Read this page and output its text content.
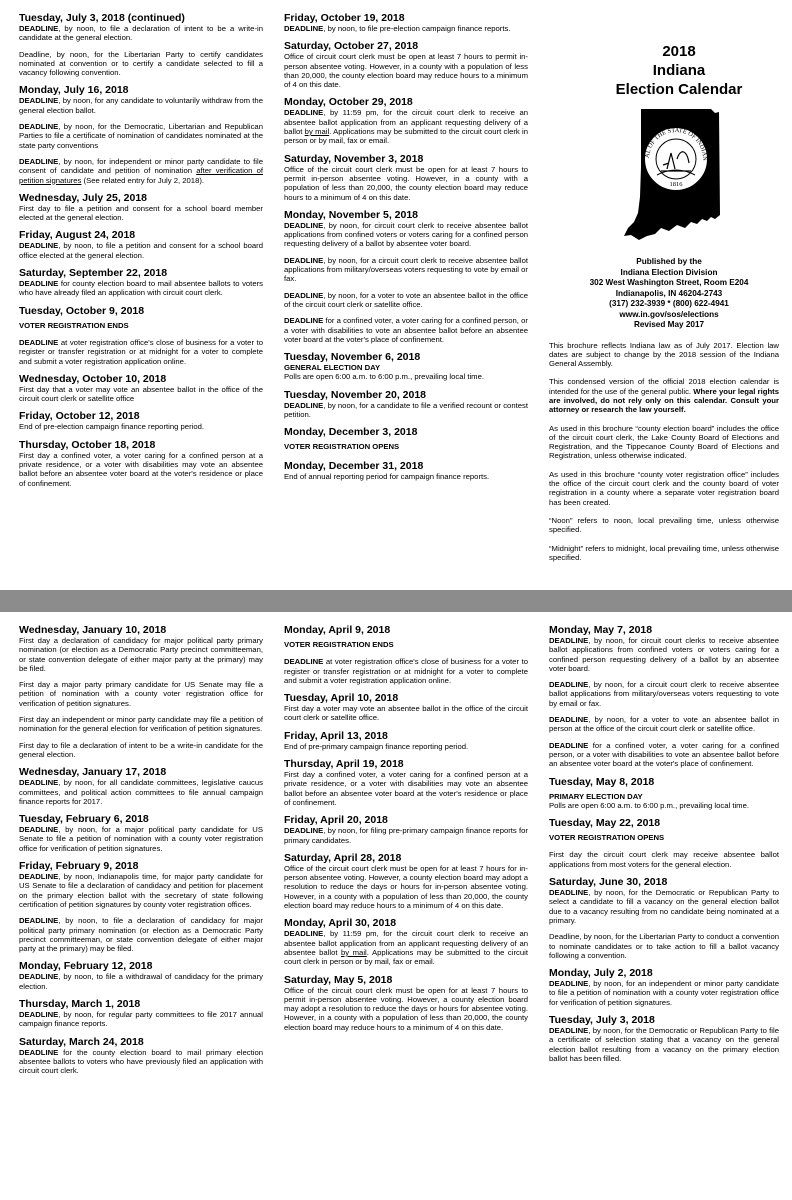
Tuesday, July 3, 2018 (continued)
DEADLINE, by noon, to file a declaration of intent to be a write-in candidate at the general election.
Deadline, by noon, for the Libertarian Party to certify candidates nominated at convention or to certify a candidate selected to fill a vacancy following convention.
Monday, July 16, 2018
DEADLINE, by noon, for any candidate to voluntarily withdraw from the general election ballot.
DEADLINE, by noon, for the Democratic, Libertarian and Republican Parties to file a certificate of nomination of candidates nominated at the state party conventions
DEADLINE, by noon, for independent or minor party candidate to file consent of candidate and petition of nomination after verification of petition signatures (See related entry for July 2, 2018).
Wednesday, July 25, 2018
First day to file a petition and consent for a school board member elected at the general election.
Friday, August 24, 2018
DEADLINE, by noon, to file a petition and consent for a school board office elected at the general election.
Saturday, September 22, 2018
DEADLINE for county election board to mail absentee ballots to voters who have already filed an application with circuit court clerk.
Tuesday, October 9, 2018
VOTER REGISTRATION ENDS
DEADLINE at voter registration office's close of business for a voter to register or transfer registration or at midnight for a voter to complete and submit a voter registration application online.
Wednesday, October 10, 2018
First day that a voter may vote an absentee ballot in the office of the circuit court clerk or satellite office
Friday, October 12, 2018
End of pre-election campaign finance reporting period.
Thursday, October 18, 2018
First day a confined voter, a voter caring for a confined person at a private residence, or a voter with disabilities may vote an absentee ballot before an absentee voter board at the voter's residence or place of confinement.
Friday, October 19, 2018
DEADLINE, by noon, to file pre-election campaign finance reports.
Saturday, October 27, 2018
Office of circuit court clerk must be open at least 7 hours to permit in-person absentee voting. However, in a county with a population of less than 20,000, the county election board may reduce hours to a minimum of 4 on this date.
Monday, October 29, 2018
DEADLINE, by 11:59 pm, for the circuit court clerk to receive an absentee ballot application from an applicant requesting delivery of a ballot by mail. Applications may be submitted to the circuit court clerk in person or by mail, fax or email.
Saturday, November 3, 2018
Office of the circuit court clerk must be open for at least 7 hours to permit in-person absentee voting. However, in a county with a population of less than 20,000, the county election board may reduce hours to a minimum of 4 on this date.
Monday, November 5, 2018
DEADLINE, by noon, for circuit court clerk to receive absentee ballot applications from confined voters or voters caring for a confined person requesting delivery of a ballot by absentee voter board.
DEADLINE, by noon, for a circuit court clerk to receive absentee ballot applications from military/overseas voters requesting to vote by email or fax.
DEADLINE, by noon, for a voter to vote an absentee ballot in the office of the circuit court clerk or satellite office.
DEADLINE for a confined voter, a voter caring for a confined person, or a voter with disabilities to vote an absentee ballot before an absentee voter board at the voter's place of confinement.
Tuesday, November 6, 2018
GENERAL ELECTION DAY
Polls are open 6:00 a.m. to 6:00 p.m., prevailing local time.
Tuesday, November 20, 2018
DEADLINE, by noon, for a candidate to file a verified recount or contest petition.
Monday, December 3, 2018
VOTER REGISTRATION OPENS
Monday, December 31, 2018
End of annual reporting period for campaign finance reports.
2018
Indiana
Election Calendar
AL OF THE STATE OF INDIAN
1816
Published by the
Indiana Election Division
302 West Washington Street, Room E204
Indianapolis, IN 46204-2743
(317) 232-3939 * (800) 622-4941
www.in.gov/sos/elections
Revised May 2017
This brochure reflects Indiana law as of July 2017. Election law dates are subject to change by the 2018 session of the Indiana General Assembly.
This condensed version of the official 2018 election calendar is intended for the use of the general public. Where your legal rights are involved, do not rely only on this calendar. Consult your attorney or research the law yourself.
As used in this brochure “county election board” includes the office of the circuit court clerk, the Lake County Board of Elections and Registration, and the Tippecanoe County Board of Elections and Registration, unless otherwise indicated.
As used in this brochure “county voter registration office” includes the office of the circuit court clerk and the county board of voter registration in a county where a separate voter registration board has been created.
“Noon” refers to noon, local prevailing time, unless otherwise specified.
“Midnight” refers to midnight, local prevailing time, unless otherwise specified.
Wednesday, January 10, 2018
First day a declaration of candidacy for major political party primary nomination (or election as a Democratic Party precinct committeeman, or state convention delegate of either major party at the primary) may be filed.
First day a major party primary candidate for US Senate may file a petition of nomination with a county voter registration office for verification of petition signatures.
First day an independent or minor party candidate may file a petition of nomination for the general election for verification of petition signatures.
First day to file a declaration of intent to be a write-in candidate for the general election.
Wednesday, January 17, 2018
DEADLINE, by noon, for all candidate committees, legislative caucus committees, and political action committees to file annual campaign finance reports for 2017.
Tuesday, February 6, 2018
DEADLINE, by noon, for a major political party candidate for US Senate to file a petition of nomination with a county voter registration office for verification of petition signatures.
Friday, February 9, 2018
DEADLINE, by noon, Indianapolis time, for major party candidate for US Senate to file a declaration of candidacy and petition for placement on the primary election ballot with the secretary of state following certification of petition signatures by county voter registration offices.
DEADLINE, by noon, to file a declaration of candidacy for major political party primary nomination (or election as a Democratic Party precinct committeeman, or state convention delegate of either major party at the primary) may be filed.
Monday, February 12, 2018
DEADLINE, by noon, to file a withdrawal of candidacy for the primary election.
Thursday, March 1, 2018
DEADLINE, by noon, for regular party committees to file 2017 annual campaign finance reports.
Saturday, March 24, 2018
DEADLINE for the county election board to mail primary election absentee ballots to voters who have previously filed an application with circuit court clerk.
Monday, April 9, 2018
VOTER REGISTRATION ENDS
DEADLINE at voter registration office's close of business for a voter to register or transfer registration or at midnight for a voter to complete and submit a voter registration application online.
Tuesday, April 10, 2018
First day a voter may vote an absentee ballot in the office of the circuit court clerk or satellite office.
Friday, April 13, 2018
End of pre-primary campaign finance reporting period.
Thursday, April 19, 2018
First day a confined voter, a voter caring for a confined person at a private residence, or a voter with disabilities may vote an absentee ballot before an absentee voter board at the voter's residence or place of confinement.
Friday, April 20, 2018
DEADLINE, by noon, for filing pre-primary campaign finance reports for primary candidates.
Saturday, April 28, 2018
Office of the circuit court clerk must be open for at least 7 hours for in-person absentee voting. However, a county election board may adopt a resolution to reduce the days or hours for in-person absentee voting. However, in a county with a population of less than 20,000, the county election board may reduce hours to a minimum of 4 on this date.
Monday, April 30, 2018
DEADLINE, by 11:59 pm, for the circuit court clerk to receive an absentee ballot application from an applicant requesting delivery of an absentee ballot by mail. Applications may be submitted to the circuit court clerk in person or by mail, fax or email.
Saturday, May 5, 2018
Office of the circuit court clerk must be open for at least 7 hours to permit in-person absentee voting. However, a county election board may adopt a resolution to reduce the days or hours for absentee voting. However, in a county with a population of less than 20,000, the county election board may reduce hours to a minimum of 4 on this date.
Monday, May 7, 2018
DEADLINE, by noon, for circuit court clerks to receive absentee ballot applications from confined voters or voters caring for a confined person requesting delivery of a ballot by an absentee voter board.
DEADLINE, by noon, for a circuit court clerk to receive absentee ballot applications from military/overseas voters requesting to vote by email or fax.
DEADLINE, by noon, for a voter to vote an absentee ballot in person at the office of the circuit court clerk or satellite office.
DEADLINE for a confined voter, a voter caring for a confined person, or a voter with disabilities to vote an absentee ballot before an absentee voter board at the voter's place of confinement.
Tuesday, May 8, 2018
PRIMARY ELECTION DAY
Polls are open 6:00 a.m. to 6:00 p.m., prevailing local time.
Tuesday, May 22, 2018
VOTER REGISTRATION OPENS
First day the circuit court clerk may receive absentee ballot applications from most voters for the general election.
Saturday, June 30, 2018
DEADLINE, by noon, for the Democratic or Republican Party to select a candidate to fill a vacancy on the general election ballot due to a vacancy resulting from no candidate being nominated at a primary.
Deadline, by noon, for the Libertarian Party to conduct a convention to nominate candidates or to take action to fill a ballot vacancy following a convention.
Monday, July 2, 2018
DEADLINE, by noon, for an independent or minor party candidate to file a petition of nomination with a county voter registration office for verification of petition signatures.
Tuesday, July 3, 2018
DEADLINE, by noon, for the Democratic or Republican Party to file a certificate of selection stating that a vacancy on the general election ballot resulting from a vacancy on the primary election ballot has been filled.
